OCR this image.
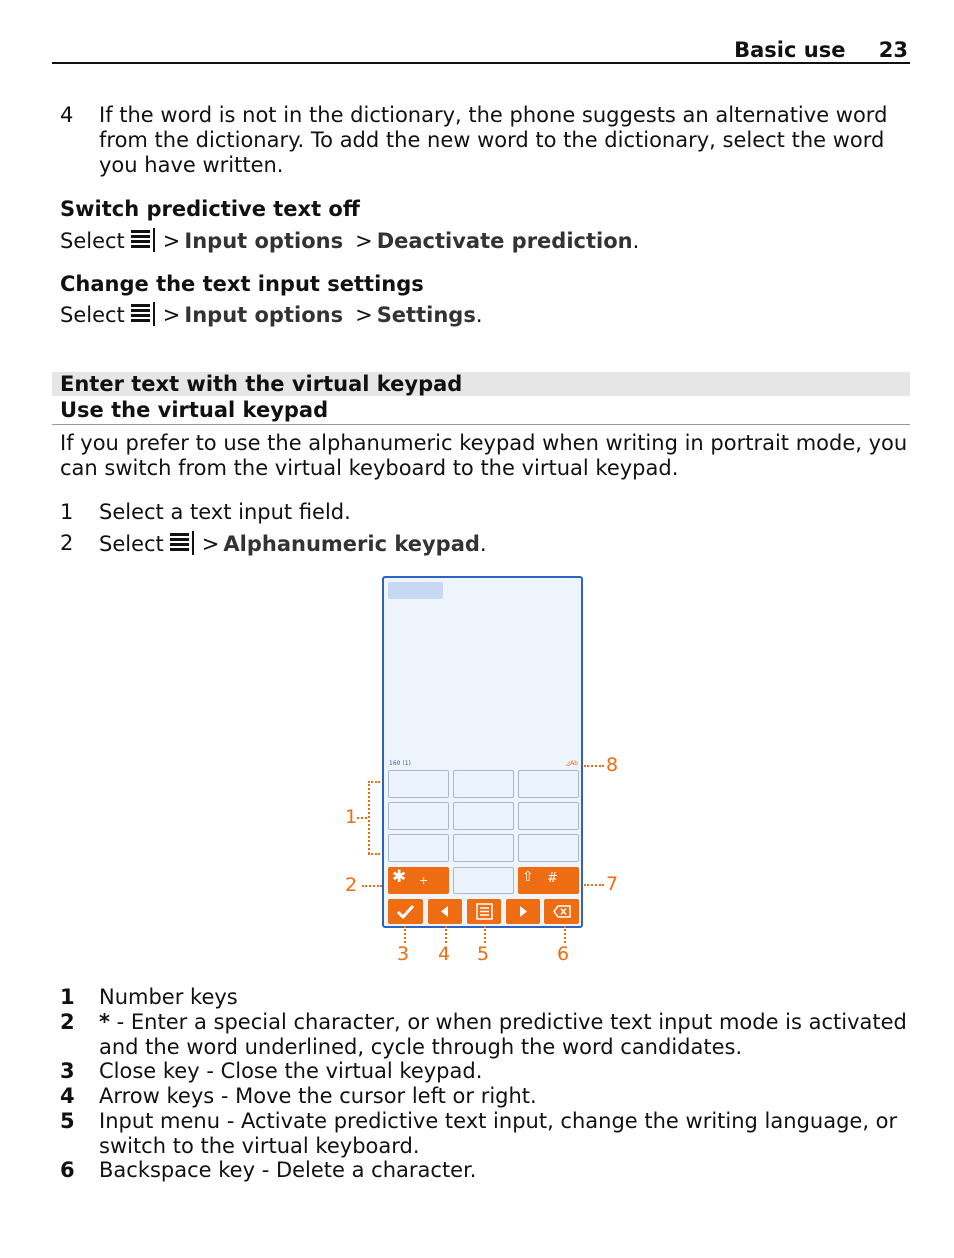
Basic use 23
4	If the word is not in the dictionary, the phone suggests an alternative word from the dictionary. To add the new word to the dictionary, select the word you have written.
Switch predictive text off
Select > Input options > Deactivate prediction.
Change the text input settings
Select > Input options > Settings.
Enter text with the virtual keypad
Use the virtual keypad
If you prefer to use the alphanumeric keypad when writing in portrait mode, you can switch from the virtual keyboard to the virtual keypad.
1	Select a text input field.
2	Select > Alphanumeric keypad.
160 (1)	◿Ab
✱ +	⇧ #
1
2
8
7
3 4 5	6
1	Number keys
2	* - Enter a special character, or when predictive text input mode is activated and the word underlined, cycle through the word candidates.
3	Close key - Close the virtual keypad.
4	Arrow keys - Move the cursor left or right.
5	Input menu - Activate predictive text input, change the writing language, or switch to the virtual keyboard.
6	Backspace key - Delete a character.
